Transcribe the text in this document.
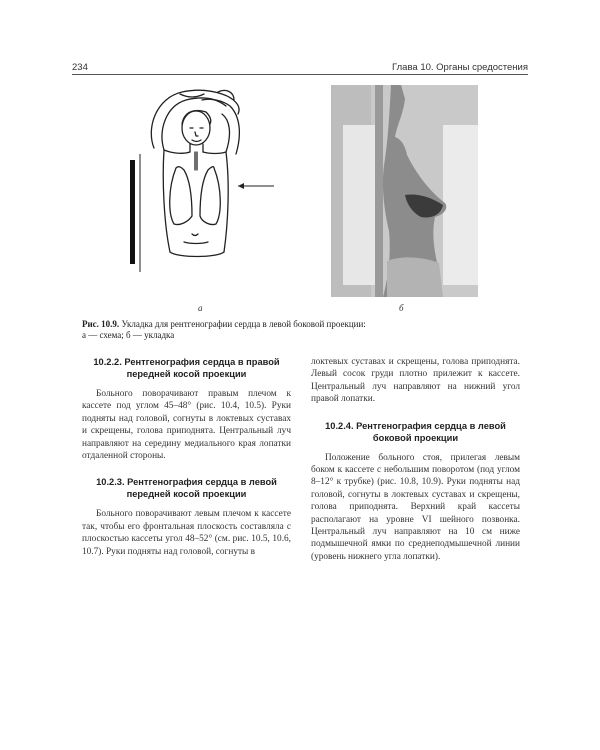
234	Глава 10. Органы средостения
а	б
Рис. 10.9. Укладка для рентгенографии сердца в левой боковой проекции:
а — схема; б — укладка
10.2.2. Рентгенография сердца в правой
передней косой проекции

Больного поворачивают правым плечом к кассете под углом 45–48° (рис. 10.4, 10.5). Руки подняты над головой, согнуты в локтевых суставах и скрещены, голова приподнята. Центральный луч направляют на середину медиального края лопатки отдаленной стороны.

10.2.3. Рентгенография сердца в левой
передней косой проекции

Больного поворачивают левым плечом к кассете так, чтобы его фронтальная плоскость составляла с плоскостью кассеты угол 48–52° (см. рис. 10.5, 10.6, 10.7). Руки подняты над головой, согнуты в

локтевых суставах и скрещены, голова приподнята. Левый сосок груди плотно прилежит к кассете. Центральный луч направляют на нижний угол правой лопатки.

10.2.4. Рентгенография сердца в левой
боковой проекции

Положение больного стоя, прилегая левым боком к кассете с небольшим поворотом (под углом 8–12° к трубке) (рис. 10.8, 10.9). Руки подняты над головой, согнуты в локтевых суставах и скрещены, голова приподнята. Верхний край кассеты располагают на уровне VI шейного позвонка. Центральный луч направляют на 10 см ниже подмышечной ямки по среднеподмышечной линии (уровень нижнего угла лопатки).
